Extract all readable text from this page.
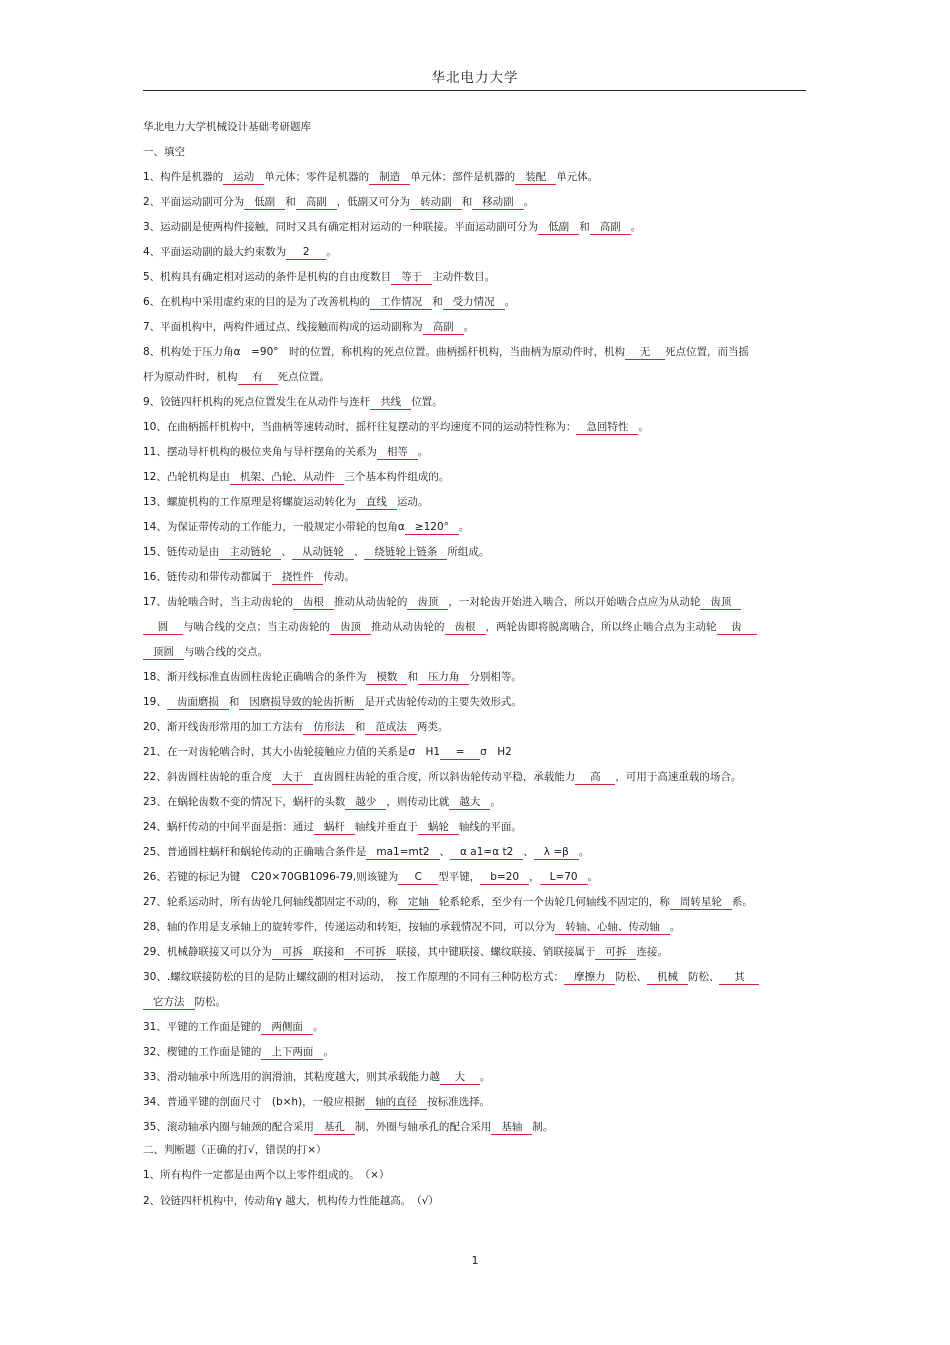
华北电力大学
华北电力大学机械设计基础考研题库
一、填空
1、构件是机器的 运动 单元体；零件是机器的 制造 单元体；部件是机器的 装配 单元体。
2、平面运动副可分为 低副 和 高副 ，低副又可分为 转动副 和 移动副 。
3、运动副是使两构件接触，同时又具有确定相对运动的一种联接。平面运动副可分为 低副 和 高副 。
4、平面运动副的最大约束数为 2 。
5、机构具有确定相对运动的条件是机构的自由度数目 等于 主动件数目。
6、在机构中采用虚约束的目的是为了改善机构的 工作情况 和 受力情况 。
7、平面机构中，两构件通过点、线接触而构成的运动副称为 高副 。
8、机构处于压力角α　=90°　时的位置，称机构的死点位置。曲柄摇杆机构，当曲柄为原动件时，机构 无 死点位置，而当摇
杆为原动件时，机构 有 死点位置。
9、铰链四杆机构的死点位置发生在从动件与连杆 共线 位置。
10、在曲柄摇杆机构中，当曲柄等速转动时，摇杆往复摆动的平均速度不同的运动特性称为： 急回特性 。
11、摆动导杆机构的极位夹角与导杆摆角的关系为 相等 。
12、凸轮机构是由 机架、凸轮、从动件 三个基本构件组成的。
13、螺旋机构的工作原理是将螺旋运动转化为 直线 运动。
14、为保证带传动的工作能力，一般规定小带轮的包角α ≥120° 。
15、链传动是由 主动链轮 、 从动链轮 、 绕链轮上链条 所组成。
16、链传动和带传动都属于 挠性件 传动。
17、齿轮啮合时，当主动齿轮的 齿根 推动从动齿轮的 齿顶 ，一对轮齿开始进入啮合，所以开始啮合点应为从动轮 齿顶
圆 与啮合线的交点；当主动齿轮的 齿顶 推动从动齿轮的 齿根 ，两轮齿即将脱离啮合，所以终止啮合点为主动轮 齿
顶圆 与啮合线的交点。
18、渐开线标准直齿圆柱齿轮正确啮合的条件为 模数 和 压力角 分别相等。
19、 齿面磨损 和 因磨损导致的轮齿折断 是开式齿轮传动的主要失效形式。
20、渐开线齿形常用的加工方法有 仿形法 和 范成法 两类。
21、在一对齿轮啮合时，其大小齿轮接触应力值的关系是σ　H1 = σ　H2
22、斜齿圆柱齿轮的重合度 大于 直齿圆柱齿轮的重合度，所以斜齿轮传动平稳，承载能力 高 ，可用于高速重载的场合。
23、在蜗轮齿数不变的情况下，蜗杆的头数 越少 ，则传动比就 越大 。
24、蜗杆传动的中间平面是指：通过 蜗杆 轴线并垂直于 蜗轮 轴线的平面。
25、普通圆柱蜗杆和蜗轮传动的正确啮合条件是 ma1=mt2 、 α a1=α t2 、 λ =β 。
26、若键的标记为键　C20×70GB1096-79,则该键为 C 型平键， b=20 ， L=70 。
27、轮系运动时，所有齿轮几何轴线都固定不动的，称 定轴 轮系轮系，至少有一个齿轮几何轴线不固定的，称 周转星轮 系。
28、轴的作用是支承轴上的旋转零件，传递运动和转矩，按轴的承载情况不同，可以分为 转轴、心轴、传动轴 。
29、机械静联接又可以分为 可拆 联接和 不可拆 联接，其中键联接、螺纹联接、销联接属于 可拆 连接。
30、.螺纹联接防松的目的是防止螺纹副的相对运动，　按工作原理的不同有三种防松方式： 摩擦力 防松、 机械 防松、 其
它方法 防松。
31、平键的工作面是键的 两侧面 。
32、楔键的工作面是键的 上下两面 。
33、滑动轴承中所选用的润滑油，其粘度越大，则其承载能力越 大 。
34、普通平键的剖面尺寸　(b×h)，一般应根据 轴的直径 按标准选择。
35、滚动轴承内圈与轴颈的配合采用 基孔 制，外圈与轴承孔的配合采用 基轴 制。
二、判断题（正确的打√，错误的打×）
1、所有构件一定都是由两个以上零件组成的。　（×）
2、铰链四杆机构中，传动角γ 越大，机构传力性能越高。　（√）
1
